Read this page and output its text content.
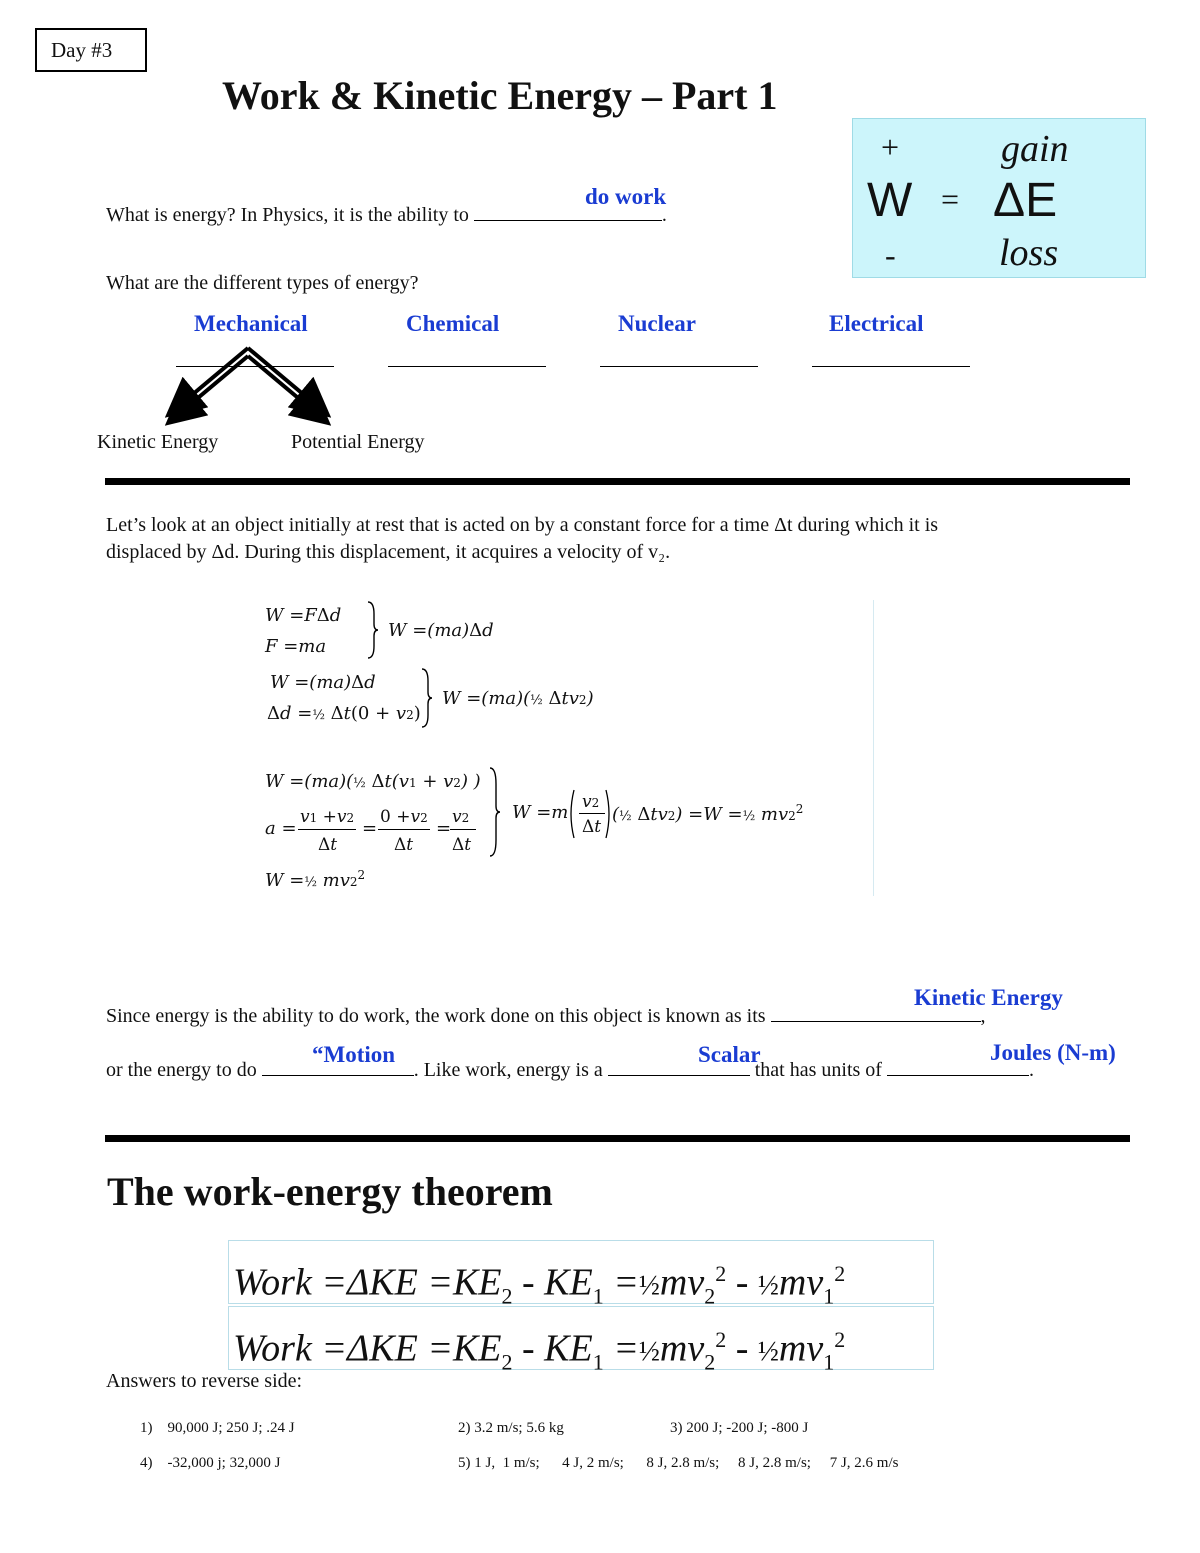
Day #3
Work & Kinetic Energy – Part 1
+	gain
W = ΔE
-	loss
What is energy? In Physics, it is the ability to	.
do work
What are the different types of energy?
Mechanical	Chemical	Nuclear	Electrical
Kinetic Energy	Potential Energy
Let’s look at an object initially at rest that is acted on by a constant force for a time Δt during which it is
displaced by Δd. During this displacement, it acquires a velocity of v₂.
W =FΔd
F =ma
W =(ma)Δd
W =(ma)Δd
Δd =½ Δt(0 + v2)
W =(ma)(½ Δtv2)
W =(ma)(½ Δt(v1 + v2) )
a =
v1 +v2
Δt
=
0 +v2
Δt
=
v2
Δt
W =m v2
Δt
(½ Δtv2) =W =½ $mv2^2$
W =½ $mv2^2$
Since energy is the ability to do work, the work done on this object is known as its	,
Kinetic Energy
or the energy to do	. Like work, energy is a	that has units of	.
“Motion	Scalar	Joules (N-m)
The work-energy theorem
Work $=\Delta KE =KE_2 - KE_1$ $=\frac{1}{2}mv_2^2$ - $\frac{1}{2}mv_1^2$
Work $=\Delta KE =KE_2 - KE_1$ $=\frac{1}{2}mv_2^2$ - $\frac{1}{2}mv_1^2$
Answers to reverse side:
1) 90,000 J; 250 J; .24 J	2) 3.2 m/s; 5.6 kg	3) 200 J; -200 J; -800 J
4) -32,000 j; 32,000 J	5) 1 J,  1 m/s;      4 J, 2 m/s;      8 J, 2.8 m/s;     8 J, 2.8 m/s;     7 J, 2.6 m/s
